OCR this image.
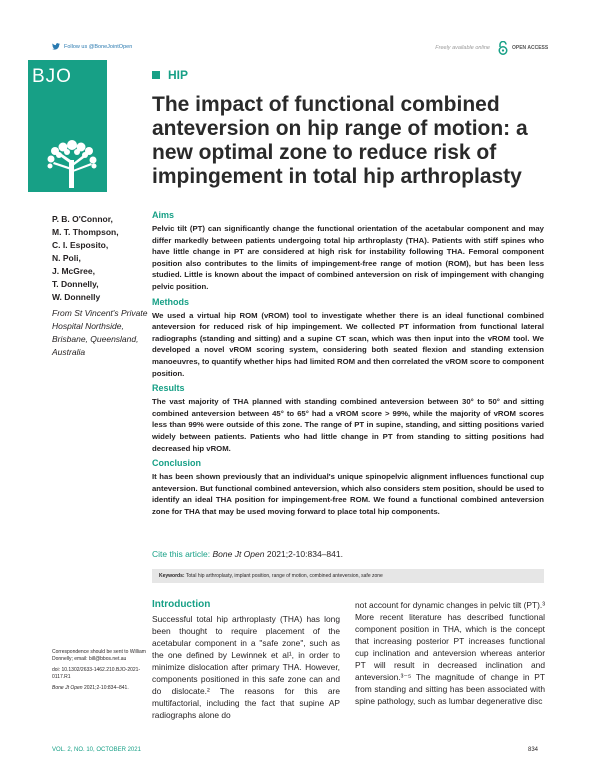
Follow us @BoneJointOpen	Freely available online	OPEN ACCESS
BJO	HIP
The impact of functional combined anteversion on hip range of motion: a new optimal zone to reduce risk of impingement in total hip arthroplasty
P. B. O'Connor,
M. T. Thompson,
C. I. Esposito,
N. Poli,
J. McGree,
T. Donnelly,
W. Donnelly
From St Vincent's Private Hospital Northside, Brisbane, Queensland, Australia

Aims

Pelvic tilt (PT) can significantly change the functional orientation of the acetabular component and may differ markedly between patients undergoing total hip arthroplasty (THA). Patients with stiff spines who have little change in PT are considered at high risk for instability following THA. Femoral component position also contributes to the limits of impingement-free range of motion (ROM), but has been less studied. Little is known about the impact of combined anteversion on risk of impingement with changing pelvic position.

Methods

We used a virtual hip ROM (vROM) tool to investigate whether there is an ideal functional combined anteversion for reduced risk of hip impingement. We collected PT information from functional lateral radiographs (standing and sitting) and a supine CT scan, which was then input into the vROM tool. We developed a novel vROM scoring system, considering both seated flexion and standing extension manoeuvres, to quantify whether hips had limited ROM and then correlated the vROM score to component position.

Results

The vast majority of THA planned with standing combined anteversion between 30° to 50° and sitting combined anteversion between 45° to 65° had a vROM score > 99%, while the majority of vROM scores less than 99% were outside of this zone. The range of PT in supine, standing, and sitting positions varied widely between patients. Patients who had little change in PT from standing to sitting positions had decreased hip vROM.

Conclusion

It has been shown previously that an individual's unique spinopelvic alignment influences functional cup anteversion. But functional combined anteversion, which also considers stem position, should be used to identify an ideal THA position for impingement-free ROM. We found a functional combined anteversion zone for THA that may be used moving forward to place total hip components.

Cite this article: Bone Jt Open 2021;2-10:834–841.
Keywords: Total hip arthroplasty, implant position, range of motion, combined anteversion, safe zone

Introduction

Successful total hip arthroplasty (THA) has long been thought to require placement of the acetabular component in a "safe zone", such as the one defined by Lewinnek et al¹, in order to minimize dislocation after primary THA. However, components positioned in this safe zone can and do dislocate.² The reasons for this are multifactorial, including the fact that supine AP radiographs alone do

not account for dynamic changes in pelvic tilt (PT).³ More recent literature has described functional component position in THA, which is the concept that increasing posterior PT increases functional cup inclination and anteversion whereas anterior PT will result in decreased inclination and anteversion.³⁻⁵ The magnitude of change in PT from standing and sitting has been associated with spine pathology, such as lumbar degenerative disc

Correspondence should be sent to William Donnelly; email: bill@bbos.net.au

doi: 10.1302/2633-1462.210.BJO-2021-0117.R1

Bone Jt Open 2021;2-10:834–841.

VOL. 2, NO. 10, OCTOBER 2021	834
